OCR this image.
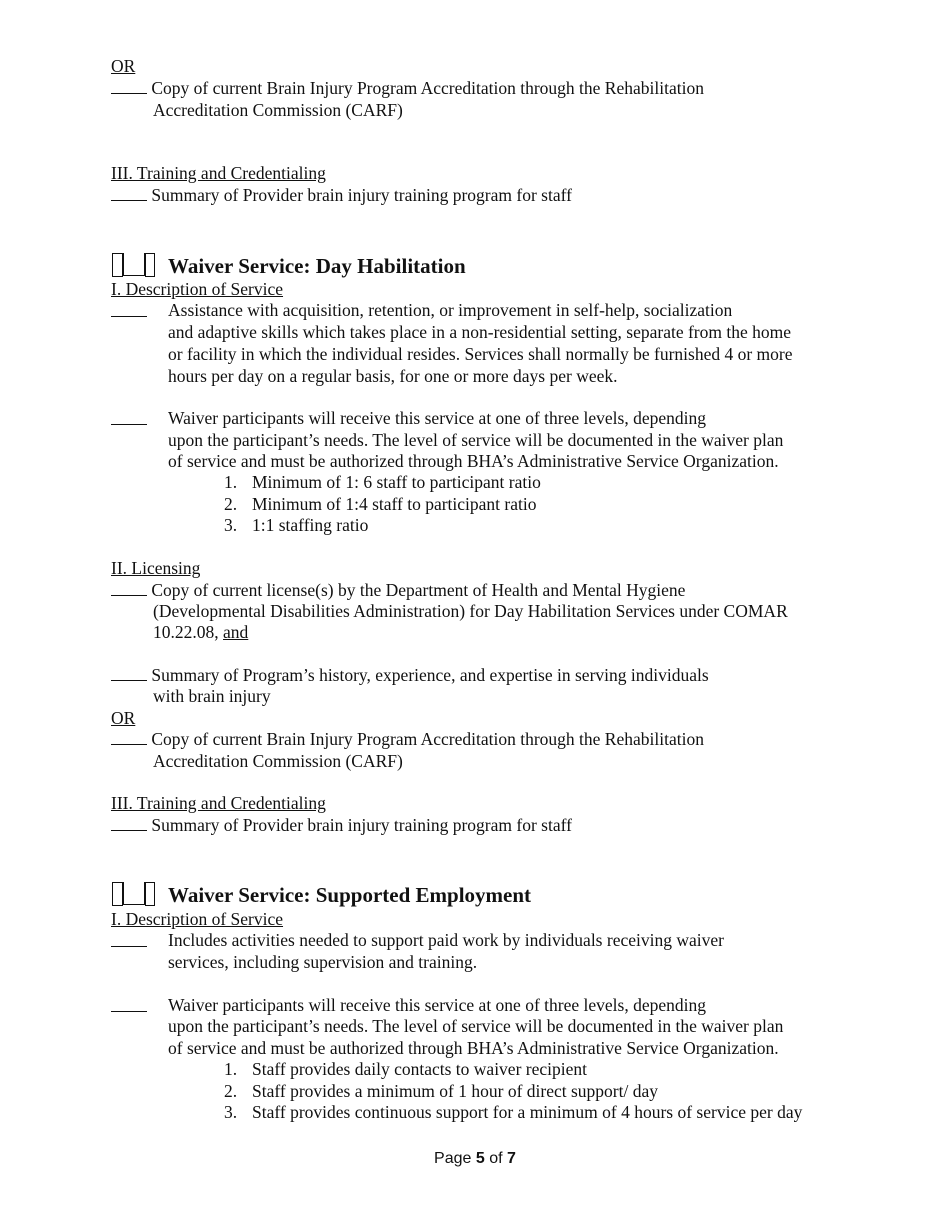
OR
Copy of current Brain Injury Program Accreditation through the Rehabilitation
Accreditation Commission (CARF)
III. Training and Credentialing
Summary of Provider brain injury training program for staff
Waiver Service: Day Habilitation
I. Description of Service
Assistance with acquisition, retention, or improvement in self-help, socialization
and adaptive skills which takes place in a non-residential setting, separate from the home
or facility in which the individual resides. Services shall normally be furnished 4 or more
hours per day on a regular basis, for one or more days per week.
Waiver participants will receive this service at one of three levels, depending
upon the participant’s needs. The level of service will be documented in the waiver plan
of service and must be authorized through BHA’s Administrative Service Organization.
1. Minimum of 1: 6 staff to participant ratio
2. Minimum of 1:4 staff to participant ratio
3. 1:1 staffing ratio
II. Licensing
Copy of current license(s) by the Department of Health and Mental Hygiene
(Developmental Disabilities Administration) for Day Habilitation Services under COMAR
10.22.08, and
Summary of Program’s history, experience, and expertise in serving individuals
with brain injury
OR
Copy of current Brain Injury Program Accreditation through the Rehabilitation
Accreditation Commission (CARF)
III. Training and Credentialing
Summary of Provider brain injury training program for staff
Waiver Service: Supported Employment
I. Description of Service
Includes activities needed to support paid work by individuals receiving waiver
services, including supervision and training.
Waiver participants will receive this service at one of three levels, depending
upon the participant’s needs. The level of service will be documented in the waiver plan
of service and must be authorized through BHA’s Administrative Service Organization.
1. Staff provides daily contacts to waiver recipient
2. Staff provides a minimum of 1 hour of direct support/ day
3. Staff provides continuous support for a minimum of 4 hours of service per day
Page 5 of 7
